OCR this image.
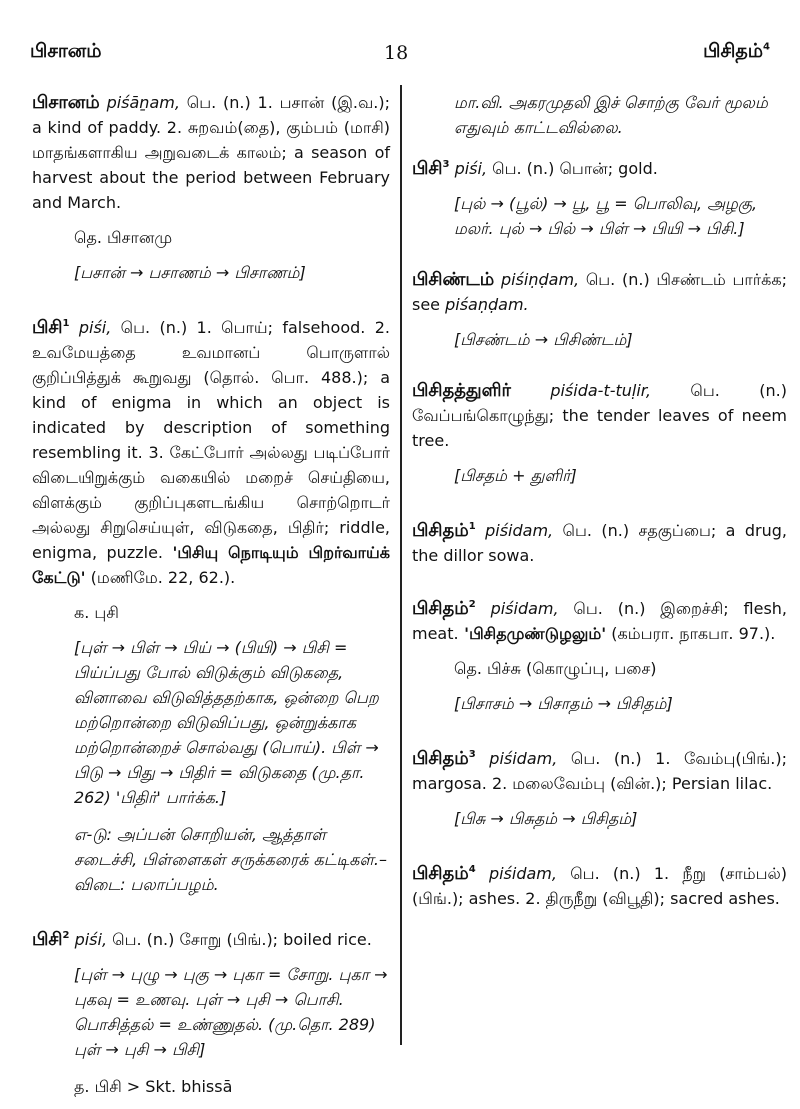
பிசானம்	18	பிசிதம்$^4$
பிசானம் piśāṉam, பெ. (n.) 1. பசான் (இ.வ.); a kind of paddy. 2. சுறவம்(தை), கும்பம் (மாசி) மாதங்களாகிய அறுவடைக் காலம்; a season of harvest about the period between February and March.
தெ. பிசானமு
[பசான் → பசாணம் → பிசாணம்]
பிசி$^1$ piśi, பெ. (n.) 1. பொய்; falsehood. 2. உவமேயத்தை உவமானப் பொருளால் குறிப்பித்துக் கூறுவது (தொல். பொ. 488.); a kind of enigma in which an object is indicated by description of something resembling it. 3. கேட்போர் அல்லது படிப்போர் விடையிறுக்கும் வகையில் மறைச் செய்தியை, விளக்கும் குறிப்புகளடங்கிய சொற்றொடர் அல்லது சிறுசெய்யுள், விடுகதை, பிதிர்; riddle, enigma, puzzle. 'பிசியு நொடியும் பிறர்வாய்க் கேட்டு' (மணிமே. 22, 62.).
க. புசி
[புள் → பிள் → பிய் → (பியி) → பிசி = பிய்ப்பது போல் விடுக்கும் விடுகதை, வினாவை விடுவித்ததற்காக, ஒன்றை பெற மற்றொன்றை விடுவிப்பது, ஒன்றுக்காக மற்றொன்றைச் சொல்வது (பொய்). பிள் → பிடு → பிது → பிதிர் = விடுகதை (மு.தா. 262) 'பிதிர்' பார்க்க.]
எ-டு: அப்பன் சொறியன், ஆத்தாள் சடைச்சி, பிள்ளைகள் சருக்கரைக் கட்டிகள்.– விடை: பலாப்பழம்.
பிசி$^2$ piśi, பெ. (n.) சோறு (பிங்.); boiled rice.
[புள் → புழு → புகு → புகா = சோறு. புகா → புகவு = உணவு. புள் → புசி → பொசி. பொசித்தல் = உண்ணுதல். (மு.தொ. 289) புள் → புசி → பிசி]
த. பிசி > Skt. bhissā
மா.வி. அகரமுதலி இச் சொற்கு வேர் மூலம் எதுவும் காட்டவில்லை.
பிசி$^3$ piśi, பெ. (n.) பொன்; gold.
[புல் → (பூல்) → பூ, பூ = பொலிவு, அழகு, மலர். புல் → பில் → பிள் → பியி → பிசி.]
பிசிண்டம் piśiṇḍam, பெ. (n.) பிசண்டம் பார்க்க; see piśaṇḍam.
[பிசண்டம் → பிசிண்டம்]
பிசிதத்துளிர் piśida-t-tuḷir, பெ. (n.) வேப்பங்கொழுந்து; the tender leaves of neem tree.
[பிசதம் + துளிர்]
பிசிதம்$^1$ piśidam, பெ. (n.) சதகுப்பை; a drug, the dillor sowa.
பிசிதம்$^2$ piśidam, பெ. (n.) இறைச்சி; flesh, meat. 'பிசிதமுண்டுழலும்' (கம்பரா. நாகபா. 97.).
தெ. பிச்சு (கொழுப்பு, பசை)
[பிசாசம் → பிசாதம் → பிசிதம்]
பிசிதம்$^3$ piśidam, பெ. (n.) 1. வேம்பு(பிங்.); margosa. 2. மலைவேம்பு (வின்.); Persian lilac.
[பிசு → பிசுதம் → பிசிதம்]
பிசிதம்$^4$ piśidam, பெ. (n.) 1. நீறு (சாம்பல்) (பிங்.); ashes. 2. திருநீறு (விபூதி); sacred ashes.
